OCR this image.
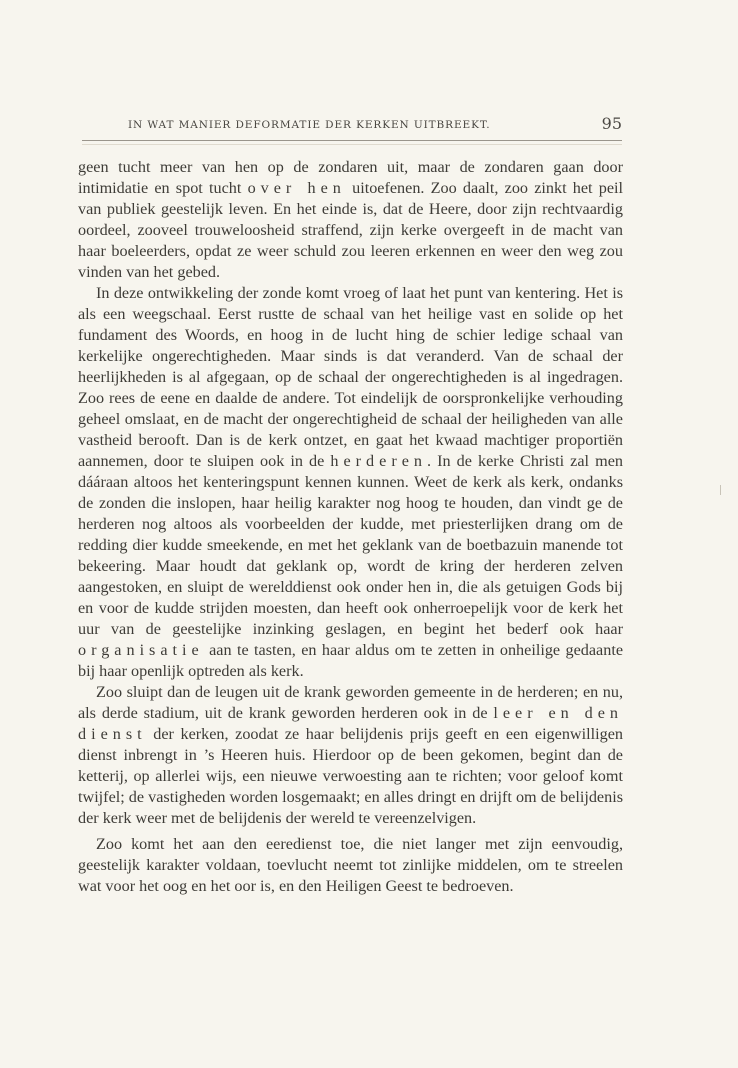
IN WAT MANIER DEFORMATIE DER KERKEN UITBREEKT.	95

geen tucht meer van hen op de zondaren uit, maar de zondaren gaan door intimidatie en spot tucht over hen uitoefenen. Zoo daalt, zoo zinkt het peil van publiek geestelijk leven. En het einde is, dat de Heere, door zijn rechtvaardig oordeel, zooveel trouweloosheid straffend, zijn kerke overgeeft in de macht van haar boeleerders, opdat ze weer schuld zou leeren erkennen en weer den weg zou vinden van het gebed.

In deze ontwikkeling der zonde komt vroeg of laat het punt van kentering. Het is als een weegschaal. Eerst rustte de schaal van het heilige vast en solide op het fundament des Woords, en hoog in de lucht hing de schier ledige schaal van kerkelijke ongerechtigheden. Maar sinds is dat veranderd. Van de schaal der heerlijkheden is al afgegaan, op de schaal der ongerechtigheden is al ingedragen. Zoo rees de eene en daalde de andere. Tot eindelijk de oorspronkelijke verhouding geheel omslaat, en de macht der ongerechtigheid de schaal der heiligheden van alle vastheid berooft. Dan is de kerk ontzet, en gaat het kwaad machtiger proportiën aannemen, door te sluipen ook in de herderen. In de kerke Christi zal men dááraan altoos het kenteringspunt kennen kunnen. Weet de kerk als kerk, ondanks de zonden die inslopen, haar heilig karakter nog hoog te houden, dan vindt ge de herderen nog altoos als voorbeelden der kudde, met priesterlijken drang om de redding dier kudde smeekende, en met het geklank van de boetbazuin manende tot bekeering. Maar houdt dat geklank op, wordt de kring der herderen zelven aangestoken, en sluipt de werelddienst ook onder hen in, die als getuigen Gods bij en voor de kudde strijden moesten, dan heeft ook onherroepelijk voor de kerk het uur van de geestelijke inzinking geslagen, en begint het bederf ook haar organisatie aan te tasten, en haar aldus om te zetten in onheilige gedaante bij haar openlijk optreden als kerk.

Zoo sluipt dan de leugen uit de krank geworden gemeente in de herderen; en nu, als derde stadium, uit de krank geworden herderen ook in de leer en den dienst der kerken, zoodat ze haar belijdenis prijs geeft en een eigenwilligen dienst inbrengt in ’s Heeren huis. Hierdoor op de been gekomen, begint dan de ketterij, op allerlei wijs, een nieuwe verwoesting aan te richten; voor geloof komt twijfel; de vastigheden worden losgemaakt; en alles dringt en drijft om de belijdenis der kerk weer met de belijdenis der wereld te vereenzelvigen.

Zoo komt het aan den eeredienst toe, die niet langer met zijn eenvoudig, geestelijk karakter voldaan, toevlucht neemt tot zinlijke middelen, om te streelen wat voor het oog en het oor is, en den Heiligen Geest te bedroeven.
